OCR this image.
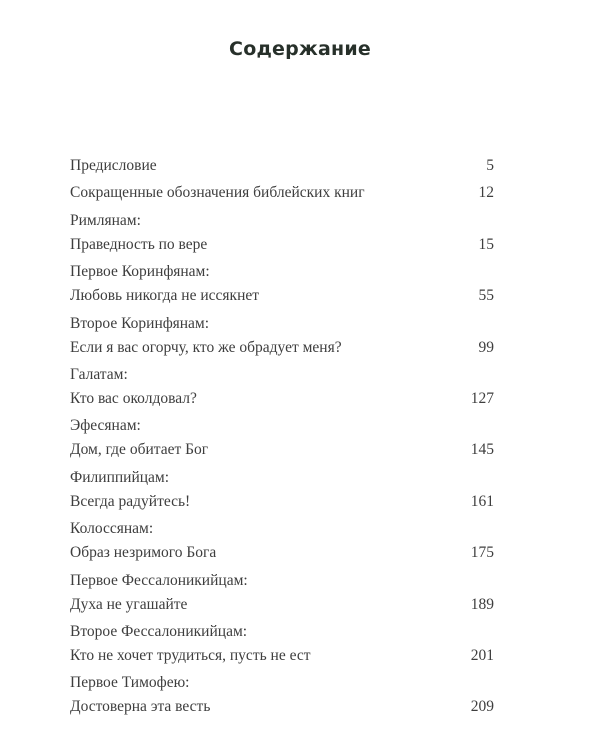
Содержание
Предисловие	5
Сокращенные обозначения библейских книг	12
Римлянам:
Праведность по вере	15
Первое Коринфянам:
Любовь никогда не иссякнет	55
Второе Коринфянам:
Если я вас огорчу, кто же обрадует меня?	99
Галатам:
Кто вас околдовал?	127
Эфесянам:
Дом, где обитает Бог	145
Филиппийцам:
Всегда радуйтесь!	161
Колоссянам:
Образ незримого Бога	175
Первое Фессалоникийцам:
Духа не угашайте	189
Второе Фессалоникийцам:
Кто не хочет трудиться, пусть не ест	201
Первое Тимофею:
Достоверна эта весть	209
